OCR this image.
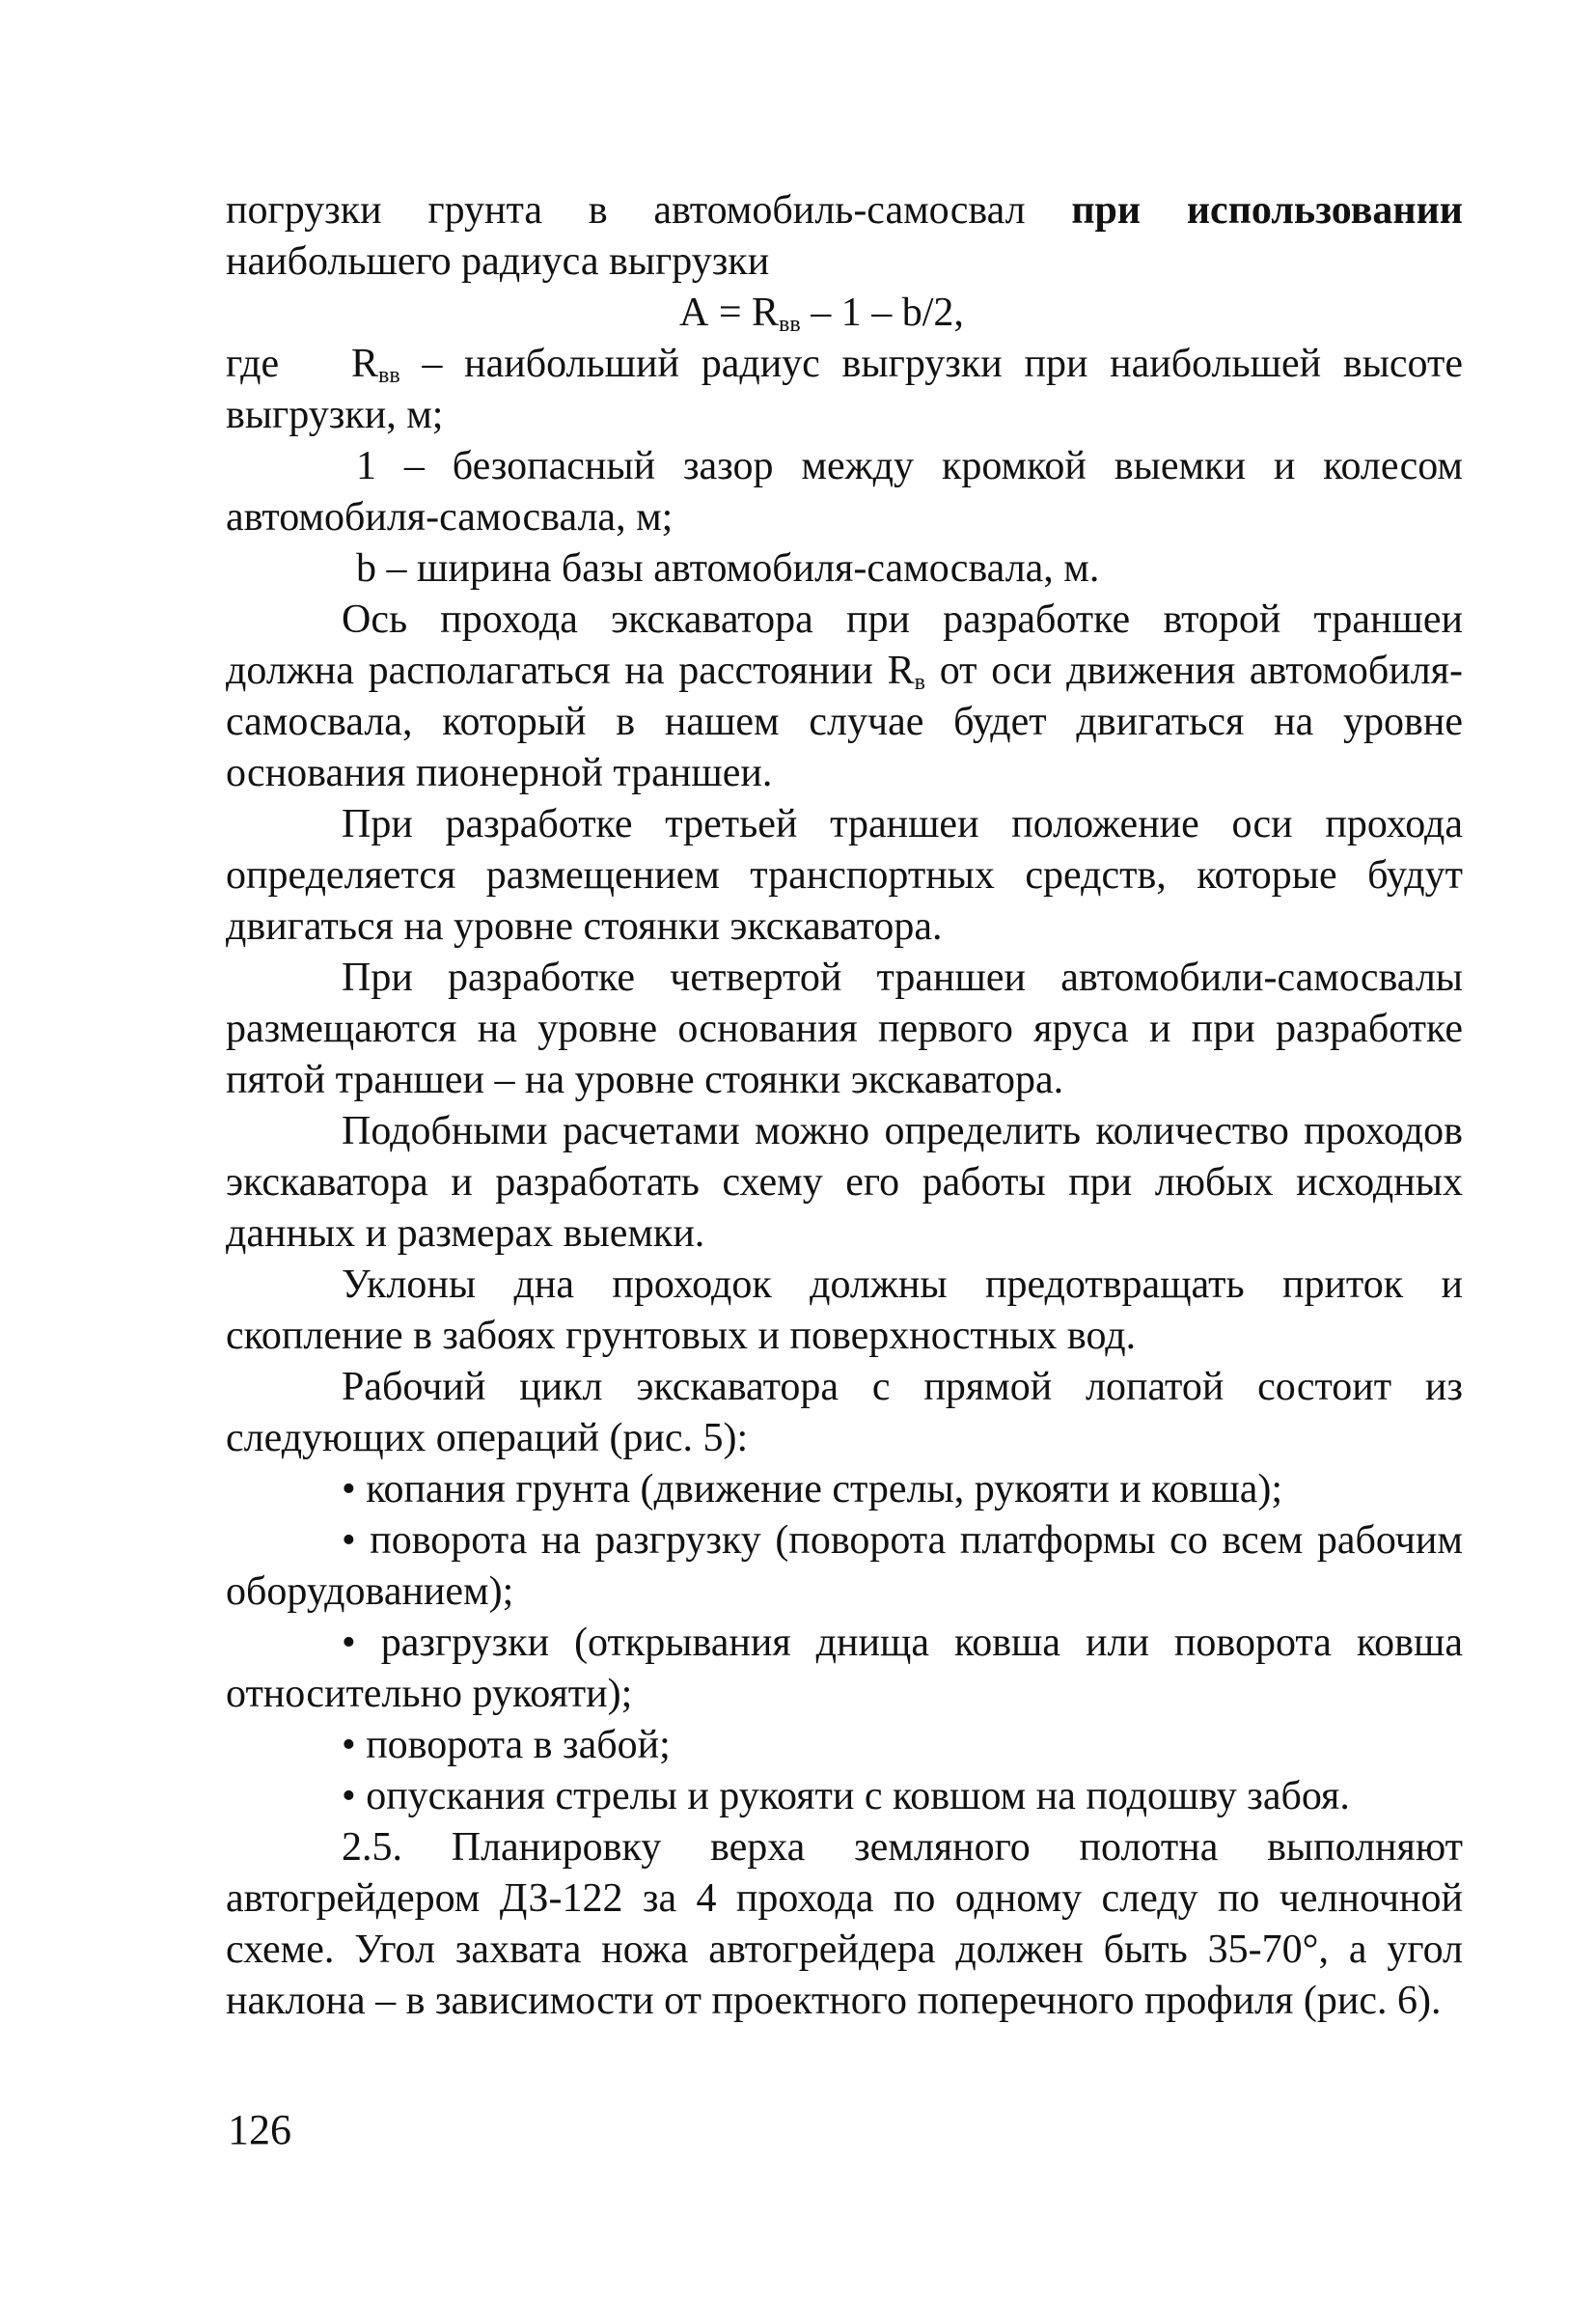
погрузки грунта в автомобиль-самосвал при использовании наибольшего радиуса выгрузки

$А = R_{вв} - 1 - b/2$,

где $R_{вв}$ – наибольший радиус выгрузки при наибольшей высоте выгрузки, м;

1 – безопасный зазор между кромкой выемки и колесом автомобиля-самосвала, м;

b – ширина базы автомобиля-самосвала, м.

Ось прохода экскаватора при разработке второй траншеи должна располагаться на расстоянии $R_в$ от оси движения автомобиля-самосвала, который в нашем случае будет двигаться на уровне основания пионерной траншеи.

При разработке третьей траншеи положение оси прохода определяется размещением транспортных средств, которые будут двигаться на уровне стоянки экскаватора.

При разработке четвертой траншеи автомобили-самосвалы размещаются на уровне основания первого яруса и при разработке пятой траншеи – на уровне стоянки экскаватора.

Подобными расчетами можно определить количество проходов экскаватора и разработать схему его работы при любых исходных данных и размерах выемки.

Уклоны дна проходок должны предотвращать приток и скопление в забоях грунтовых и поверхностных вод.

Рабочий цикл экскаватора с прямой лопатой состоит из следующих операций (рис. 5):

• копания грунта (движение стрелы, рукояти и ковша);

• поворота на разгрузку (поворота платформы со всем рабочим оборудованием);

• разгрузки (открывания днища ковша или поворота ковша относительно рукояти);

• поворота в забой;

• опускания стрелы и рукояти с ковшом на подошву забоя.

2.5. Планировку верха земляного полотна выполняют автогрейдером ДЗ-122 за 4 прохода по одному следу по челночной схеме. Угол захвата ножа автогрейдера должен быть 35-70°, а угол наклона – в зависимости от проектного поперечного профиля (рис. 6).

126
